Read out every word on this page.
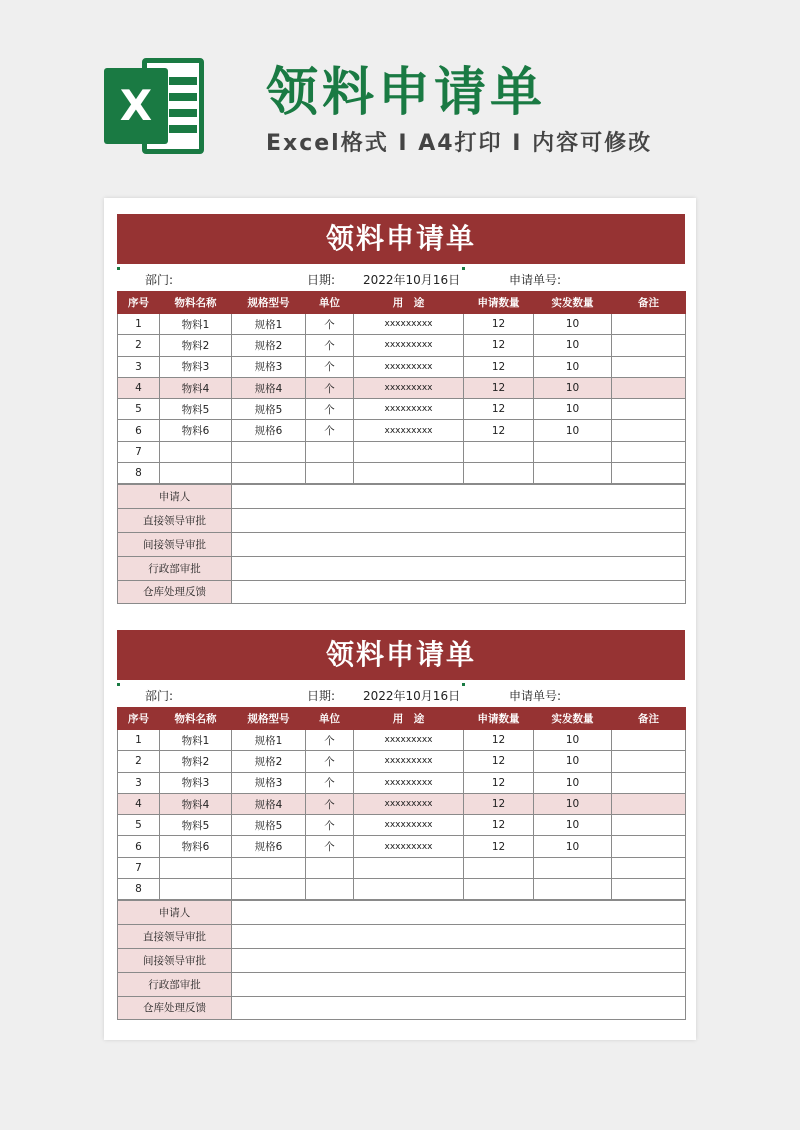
X	领料申请单
Excel格式 I A4打印 I 内容可修改
领料申请单
部门:	日期: 2022年10月16日	申请单号:
序号	物料名称	规格型号	单位	用　途	申请数量	实发数量	备注
1	物料1	规格1	个	xxxxxxxxx	12	10	
2	物料2	规格2	个	xxxxxxxxx	12	10	
3	物料3	规格3	个	xxxxxxxxx	12	10	
4	物料4	规格4	个	xxxxxxxxx	12	10	
5	物料5	规格5	个	xxxxxxxxx	12	10	
6	物料6	规格6	个	xxxxxxxxx	12	10	
7							
8							
申请人	
直接领导审批	
间接领导审批	
行政部审批	
仓库处理反馈	
领料申请单
部门:	日期: 2022年10月16日	申请单号:
序号	物料名称	规格型号	单位	用　途	申请数量	实发数量	备注
1	物料1	规格1	个	xxxxxxxxx	12	10	
2	物料2	规格2	个	xxxxxxxxx	12	10	
3	物料3	规格3	个	xxxxxxxxx	12	10	
4	物料4	规格4	个	xxxxxxxxx	12	10	
5	物料5	规格5	个	xxxxxxxxx	12	10	
6	物料6	规格6	个	xxxxxxxxx	12	10	
7							
8							
申请人	
直接领导审批	
间接领导审批	
行政部审批	
仓库处理反馈	
